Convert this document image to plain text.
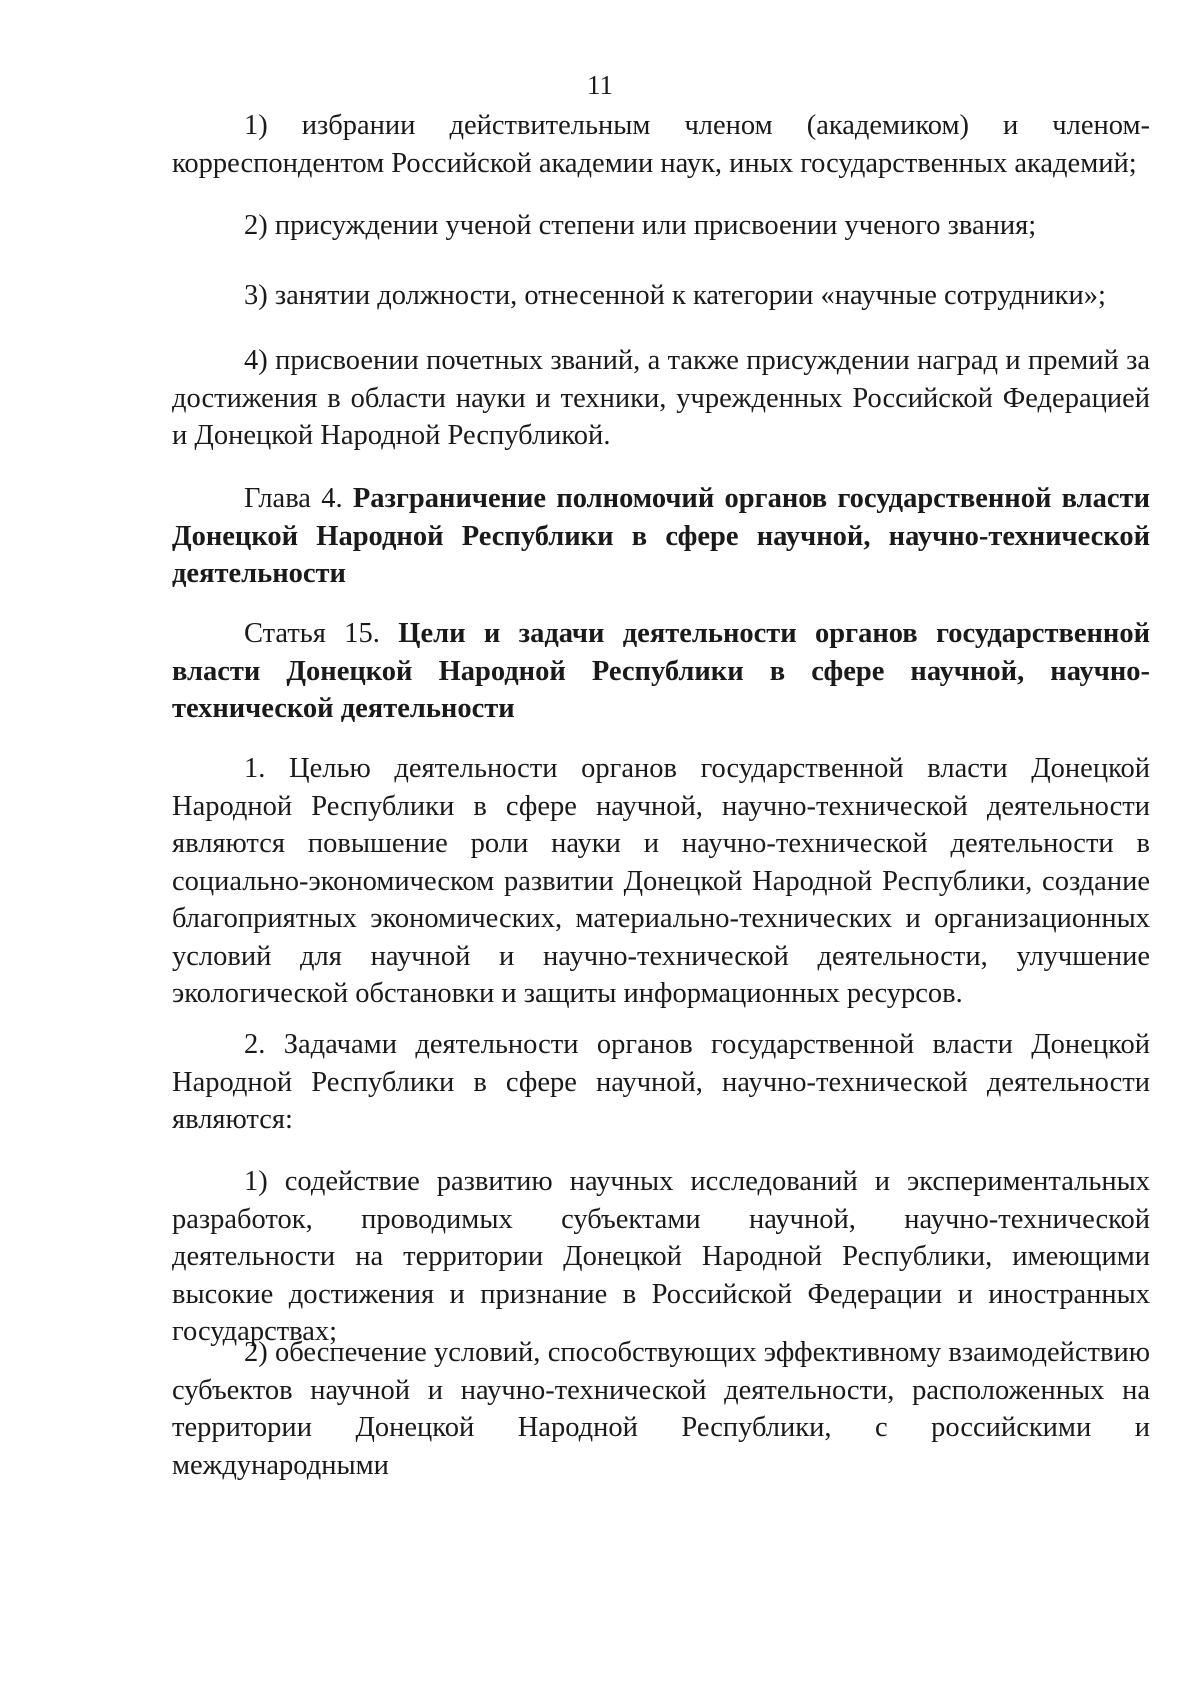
11

1) избрании действительным членом (академиком) и членом-корреспондентом Российской академии наук, иных государственных академий;

2) присуждении ученой степени или присвоении ученого звания;

3) занятии должности, отнесенной к категории «научные сотрудники»;

4) присвоении почетных званий, а также присуждении наград и премий за достижения в области науки и техники, учрежденных Российской Федерацией и Донецкой Народной Республикой.

Глава 4. Разграничение полномочий органов государственной власти Донецкой Народной Республики в сфере научной, научно-технической деятельности

Статья 15. Цели и задачи деятельности органов государственной власти Донецкой Народной Республики в сфере научной, научно-технической деятельности

1. Целью деятельности органов государственной власти Донецкой Народной Республики в сфере научной, научно-технической деятельности являются повышение роли науки и научно-технической деятельности в социально-экономическом развитии Донецкой Народной Республики, создание благоприятных экономических, материально-технических и организационных условий для научной и научно-технической деятельности, улучшение экологической обстановки и защиты информационных ресурсов.

2. Задачами деятельности органов государственной власти Донецкой Народной Республики в сфере научной, научно-технической деятельности являются:

1) содействие развитию научных исследований и экспериментальных разработок, проводимых субъектами научной, научно-технической деятельности на территории Донецкой Народной Республики, имеющими высокие достижения и признание в Российской Федерации и иностранных государствах;

2) обеспечение условий, способствующих эффективному взаимодействию субъектов научной и научно-технической деятельности, расположенных на территории Донецкой Народной Республики, с российскими и международными
